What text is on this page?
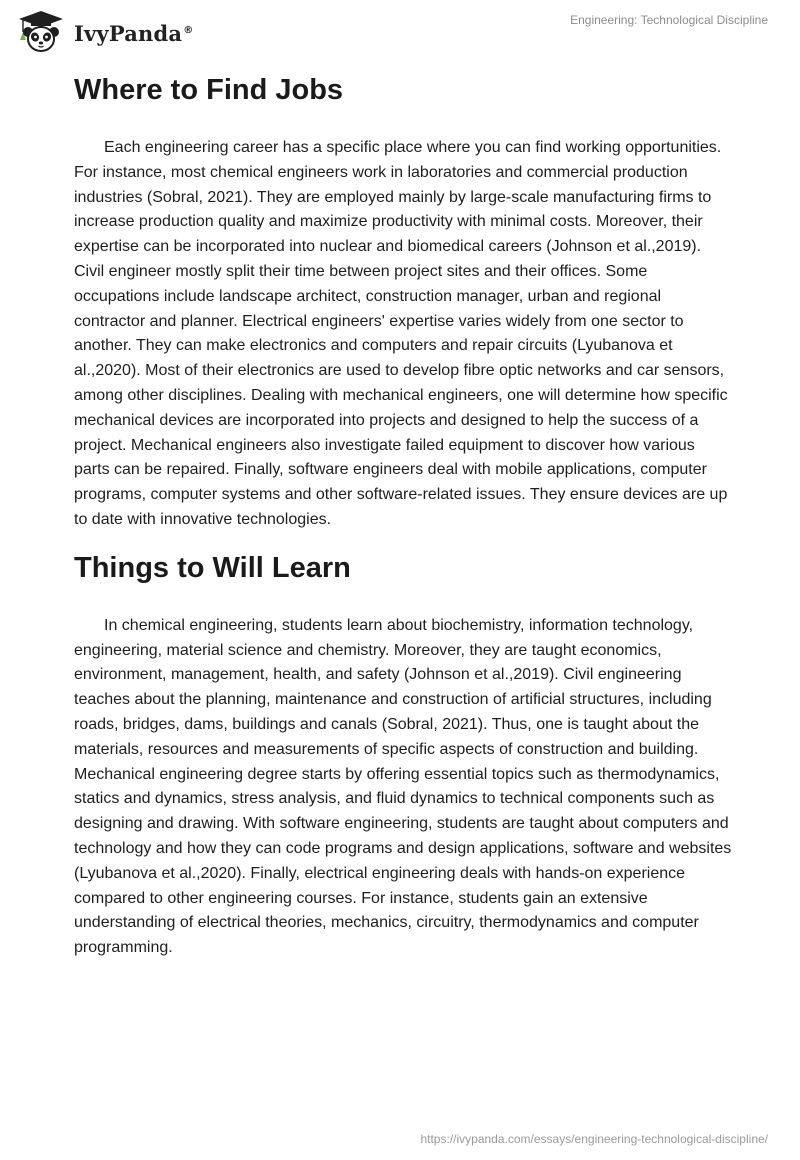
IvyPanda®
Engineering: Technological Discipline
Where to Find Jobs

Each engineering career has a specific place where you can find working opportunities. For instance, most chemical engineers work in laboratories and commercial production industries (Sobral, 2021). They are employed mainly by large-scale manufacturing firms to increase production quality and maximize productivity with minimal costs. Moreover, their expertise can be incorporated into nuclear and biomedical careers (Johnson et al.,2019). Civil engineer mostly split their time between project sites and their offices. Some occupations include landscape architect, construction manager, urban and regional contractor and planner. Electrical engineers' expertise varies widely from one sector to another. They can make electronics and computers and repair circuits (Lyubanova et al.,2020). Most of their electronics are used to develop fibre optic networks and car sensors, among other disciplines. Dealing with mechanical engineers, one will determine how specific mechanical devices are incorporated into projects and designed to help the success of a project. Mechanical engineers also investigate failed equipment to discover how various parts can be repaired. Finally, software engineers deal with mobile applications, computer programs, computer systems and other software-related issues. They ensure devices are up to date with innovative technologies.

Things to Will Learn

In chemical engineering, students learn about biochemistry, information technology, engineering, material science and chemistry. Moreover, they are taught economics, environment, management, health, and safety (Johnson et al.,2019). Civil engineering teaches about the planning, maintenance and construction of artificial structures, including roads, bridges, dams, buildings and canals (Sobral, 2021). Thus, one is taught about the materials, resources and measurements of specific aspects of construction and building. Mechanical engineering degree starts by offering essential topics such as thermodynamics, statics and dynamics, stress analysis, and fluid dynamics to technical components such as designing and drawing. With software engineering, students are taught about computers and technology and how they can code programs and design applications, software and websites (Lyubanova et al.,2020). Finally, electrical engineering deals with hands-on experience compared to other engineering courses. For instance, students gain an extensive understanding of electrical theories, mechanics, circuitry, thermodynamics and computer programming.

https://ivypanda.com/essays/engineering-technological-discipline/
